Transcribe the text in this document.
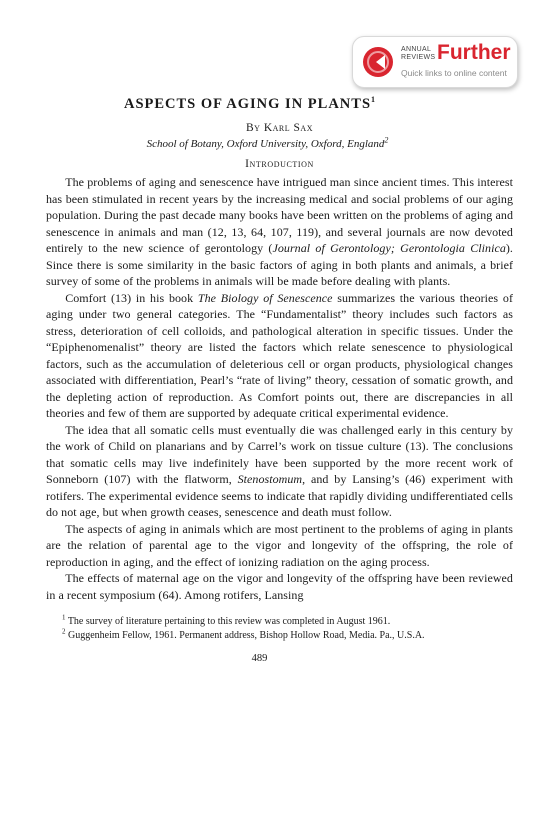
ANNUAL
REVIEWS Further
Quick links to online content
ASPECTS OF AGING IN PLANTS$^1$
By Karl Sax
School of Botany, Oxford University, Oxford, England$^2$
Introduction

The problems of aging and senescence have intrigued man since ancient times. This interest has been stimulated in recent years by the increasing medical and social problems of our aging population. During the past decade many books have been written on the problems of aging and senescence in animals and man (12, 13, 64, 107, 119), and several journals are now devoted entirely to the new science of gerontology (Journal of Gerontology; Gerontologia Clinica). Since there is some similarity in the basic factors of aging in both plants and animals, a brief survey of some of the problems in animals will be made before dealing with plants.

Comfort (13) in his book The Biology of Senescence summarizes the various theories of aging under two general categories. The “Fundamentalist” theory includes such factors as stress, deterioration of cell colloids, and pathological alteration in specific tissues. Under the “Epiphenomenalist” theory are listed the factors which relate senescence to physiological factors, such as the accumulation of deleterious cell or organ products, physiological changes associated with differentiation, Pearl’s “rate of living” theory, cessation of somatic growth, and the depleting action of reproduction. As Comfort points out, there are discrepancies in all theories and few of them are supported by adequate critical experimental evidence.

The idea that all somatic cells must eventually die was challenged early in this century by the work of Child on planarians and by Carrel’s work on tissue culture (13). The conclusions that somatic cells may live indefinitely have been supported by the more recent work of Sonneborn (107) with the flatworm, Stenostomum, and by Lansing’s (46) experiment with rotifers. The experimental evidence seems to indicate that rapidly dividing undifferentiated cells do not age, but when growth ceases, senescence and death must follow.

The aspects of aging in animals which are most pertinent to the problems of aging in plants are the relation of parental age to the vigor and longevity of the offspring, the role of reproduction in aging, and the effect of ionizing radiation on the aging process.

The effects of maternal age on the vigor and longevity of the offspring have been reviewed in a recent symposium (64). Among rotifers, Lansing

$^1$ The survey of literature pertaining to this review was completed in August 1961.

$^2$ Guggenheim Fellow, 1961. Permanent address, Bishop Hollow Road, Media. Pa., U.S.A.

489
